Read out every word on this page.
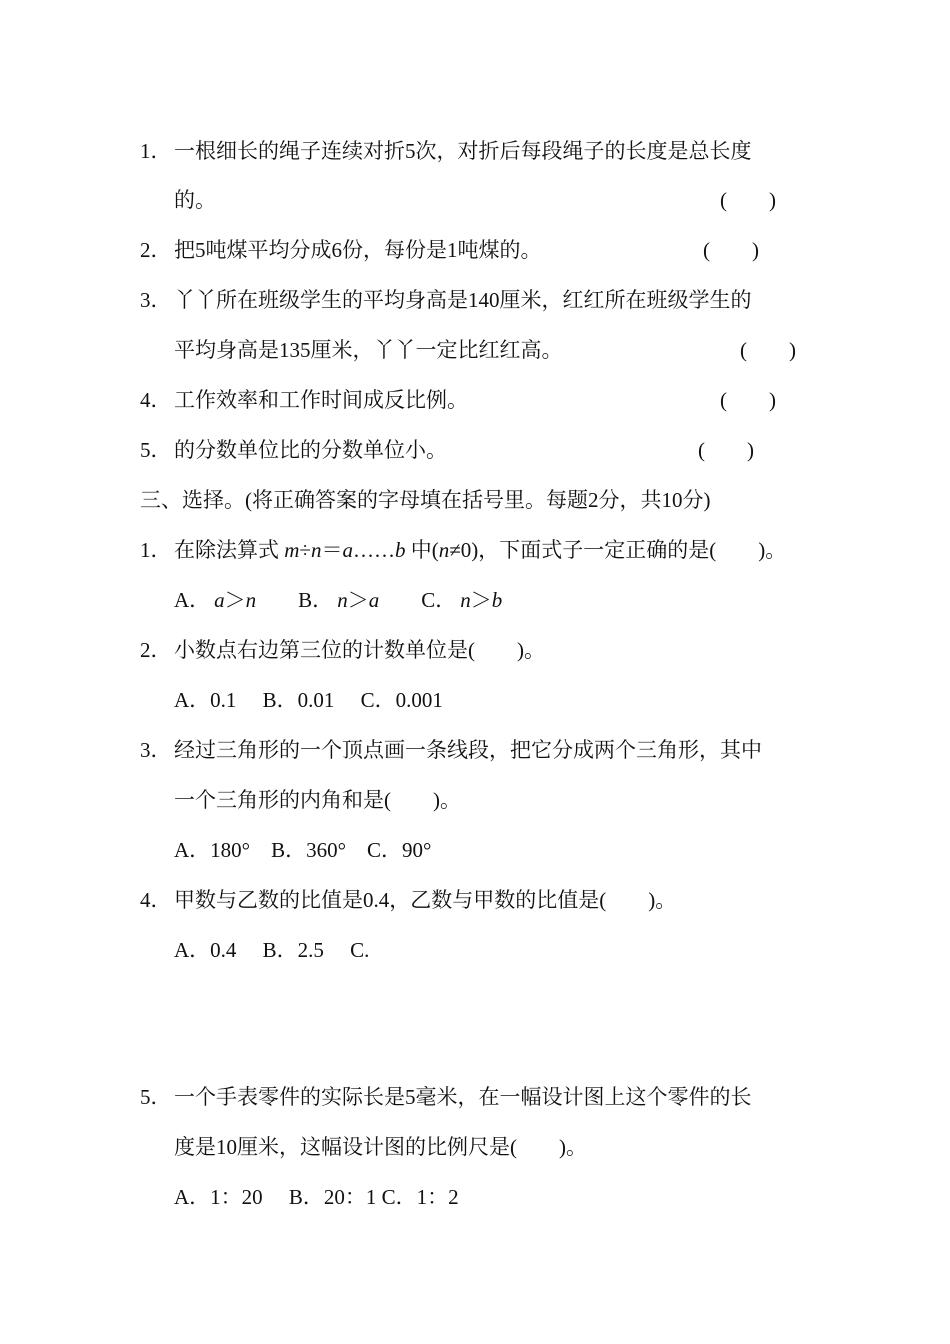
1． 一根细长的绳子连续对折5次，对折后每段绳子的长度是总长度
的。	(　　)
2． 把5吨煤平均分成6份，每份是1吨煤的。	(　　)
3． 丫丫所在班级学生的平均身高是140厘米，红红所在班级学生的
平均身高是135厘米，丫丫一定比红红高。	(　　)
4． 工作效率和工作时间成反比例。	(　　)
5． 的分数单位比的分数单位小。	(　　)
三、选择。(将正确答案的字母填在括号里。每题2分，共10分)
1． 在除法算式 m÷n＝a……b 中(n≠0)，下面式子一定正确的是(　　)。
A． a＞n B． n＞a C． n＞b
2． 小数点右边第三位的计数单位是(　　)。
A．0.1　 B．0.01　 C．0.001
3． 经过三角形的一个顶点画一条线段，把它分成两个三角形，其中
一个三角形的内角和是(　　)。
A．180°　B．360°　C．90°
4． 甲数与乙数的比值是0.4，乙数与甲数的比值是(　　)。
A．0.4　 B．2.5　 C.
5． 一个手表零件的实际长是5毫米，在一幅设计图上这个零件的长
度是10厘米，这幅设计图的比例尺是(　　)。
A．1：20　 B．20：1 C．1：2
